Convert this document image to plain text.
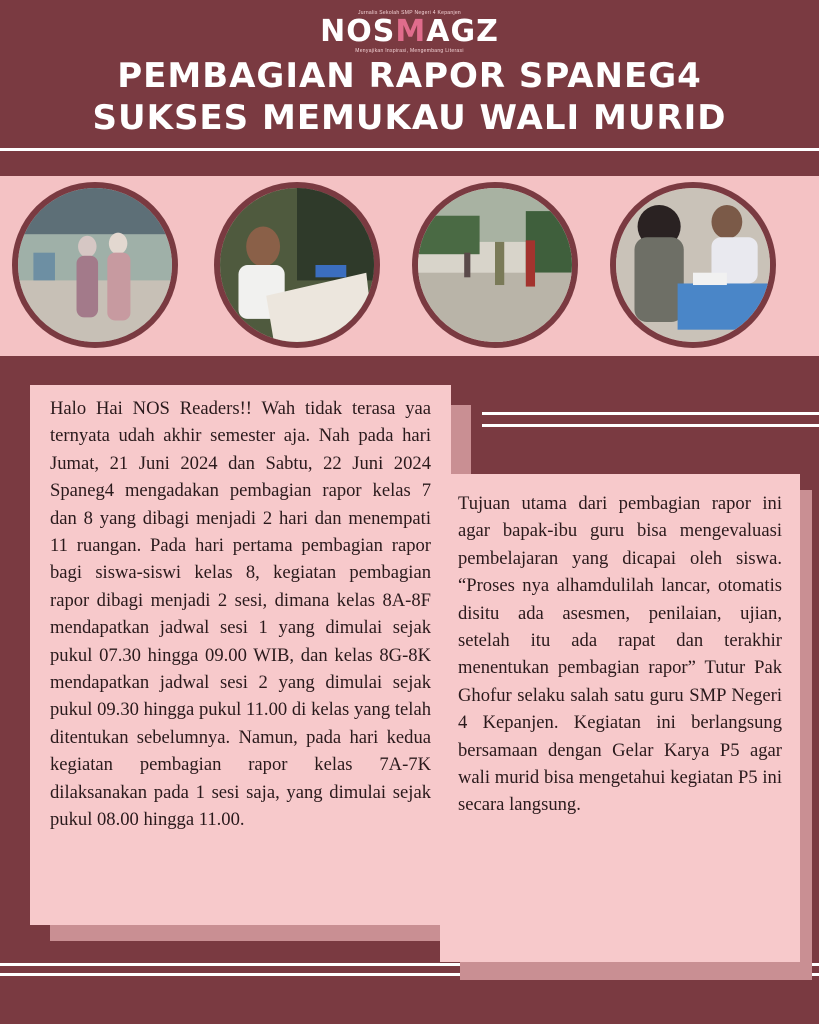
Jurnalis Sekolah SMP Negeri 4 Kepanjen
NOSMAGZ
Menyajikan Inspirasi, Mengembang Literasi
PEMBAGIAN RAPOR SPANEG4
SUKSES MEMUKAU WALI MURID
Halo Hai NOS Readers!! Wah tidak terasa yaa ternyata udah akhir semester aja. Nah pada hari Jumat, 21 Juni 2024 dan Sabtu, 22 Juni 2024 Spaneg4 mengadakan pembagian rapor kelas 7 dan 8 yang dibagi menjadi 2 hari dan menempati 11 ruangan. Pada hari pertama pembagian rapor bagi siswa-siswi kelas 8, kegiatan pembagian rapor dibagi menjadi 2 sesi, dimana kelas 8A-8F mendapatkan jadwal sesi 1 yang dimulai sejak pukul 07.30 hingga 09.00 WIB, dan kelas 8G-8K mendapatkan jadwal sesi 2 yang dimulai sejak pukul 09.30 hingga pukul 11.00 di kelas yang telah ditentukan sebelumnya. Namun, pada hari kedua kegiatan pembagian rapor kelas 7A-7K dilaksanakan pada 1 sesi saja, yang dimulai sejak pukul 08.00 hingga 11.00.
Tujuan utama dari pembagian rapor ini agar bapak-ibu guru bisa mengevaluasi pembelajaran yang dicapai oleh siswa. “Proses nya alhamdulilah lancar, otomatis disitu ada asesmen, penilaian, ujian, setelah itu ada rapat dan terakhir menentukan pembagian rapor” Tutur Pak Ghofur selaku salah satu guru SMP Negeri 4 Kepanjen. Kegiatan ini berlangsung bersamaan dengan Gelar Karya P5 agar wali murid bisa mengetahui kegiatan P5 ini secara langsung.
